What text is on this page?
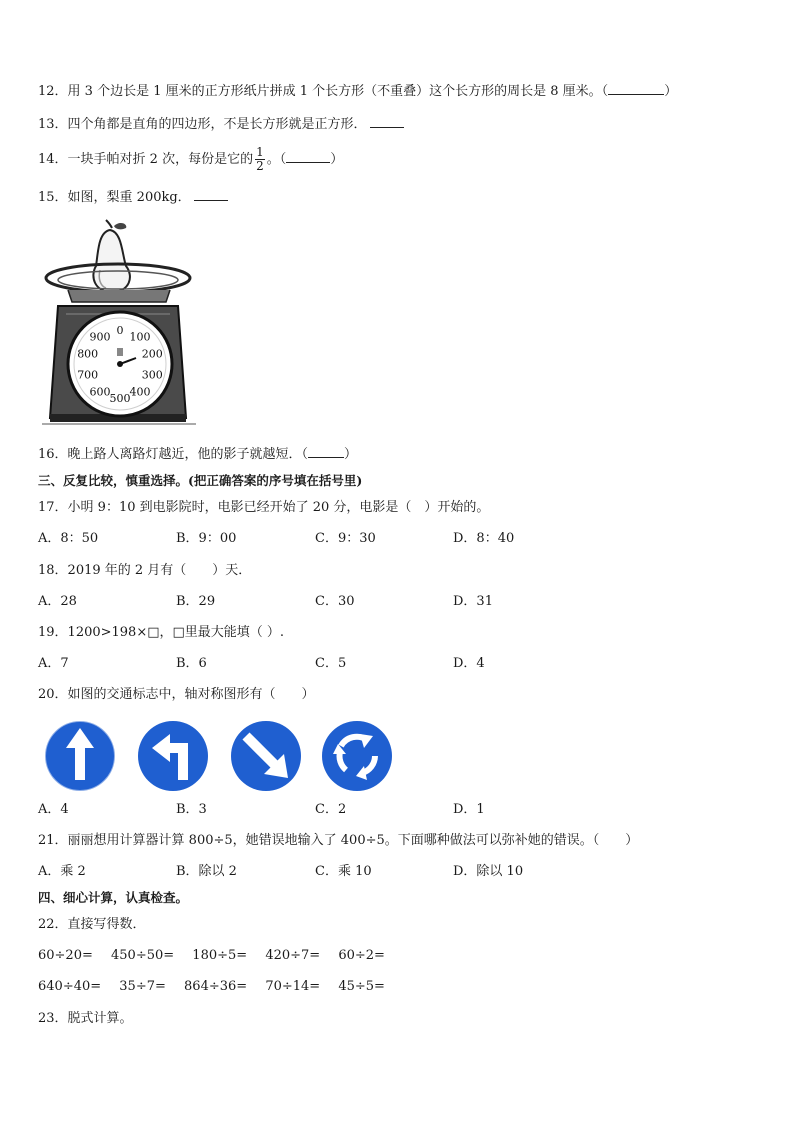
12．用 3 个边长是 1 厘米的正方形纸片拼成 1 个长方形（不重叠）这个长方形的周长是 8 厘米。（	）
13．四个角都是直角的四边形，不是长方形就是正方形．
14．一块手帕对折 2 次，每份是它的 $\frac{1}{2}$ 。（	）
15．如图，梨重 200kg．
0 100
200
300
400
500
600
700
800
900
16．晚上路人离路灯越近，他的影子就越短．（	）
三、反复比较，慎重选择。(把正确答案的序号填在括号里)
17．小明 9：10 到电影院时，电影已经开始了 20 分，电影是（　）开始的。
A．8：50	B．9：00	C．9：30	D．8：40
18．2019 年的 2 月有（　　）天．
A．28	B．29	C．30	D．31
19．1200>198×□，□里最大能填（ ）.
A．7	B．6	C．5	D．4
20．如图的交通标志中，轴对称图形有（　　）
A．4	B．3	C．2	D．1
21．丽丽想用计算器计算 800÷5，她错误地输入了 400÷5。下面哪种做法可以弥补她的错误。（　　）
A．乘 2	B．除以 2	C．乘 10	D．除以 10
四、细心计算，认真检查。
22．直接写得数．
60÷20= 450÷50= 180÷5= 420÷7= 60÷2=
640÷40= 35÷7= 864÷36= 70÷14= 45÷5=
23．脱式计算。
